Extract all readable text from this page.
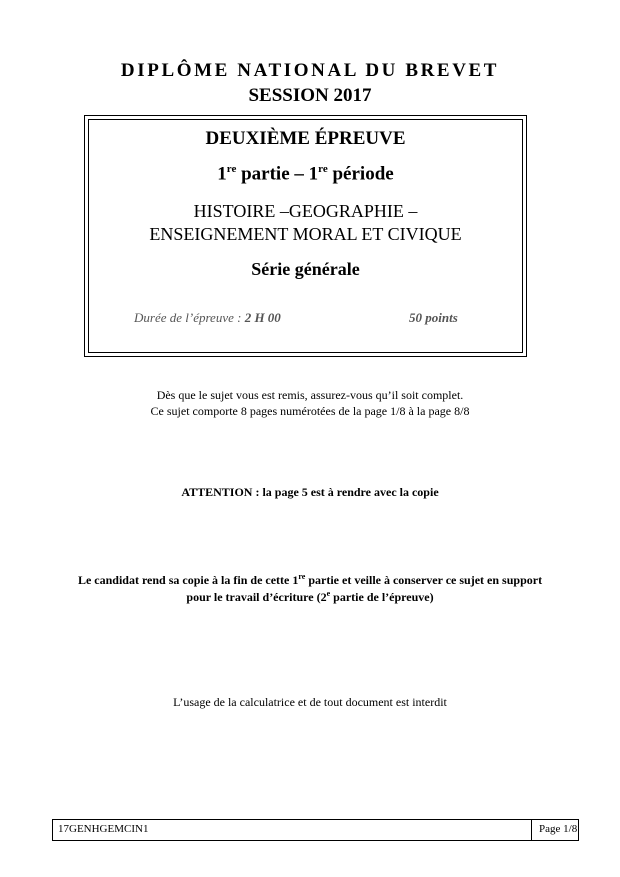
DIPLÔME NATIONAL DU BREVET
SESSION 2017
DEUXIÈME ÉPREUVE
1re partie – 1re période
HISTOIRE –GEOGRAPHIE –
ENSEIGNEMENT MORAL ET CIVIQUE
Série générale
Durée de l’épreuve : 2 H 00	50 points
Dès que le sujet vous est remis, assurez-vous qu’il soit complet.
Ce sujet comporte 8 pages numérotées de la page 1/8 à la page 8/8
ATTENTION : la page 5 est à rendre avec la copie
Le candidat rend sa copie à la fin de cette 1re partie et veille à conserver ce sujet en support
pour le travail d’écriture (2e partie de l’épreuve)
L’usage de la calculatrice et de tout document est interdit
17GENHGEMCIN1	Page 1/8
